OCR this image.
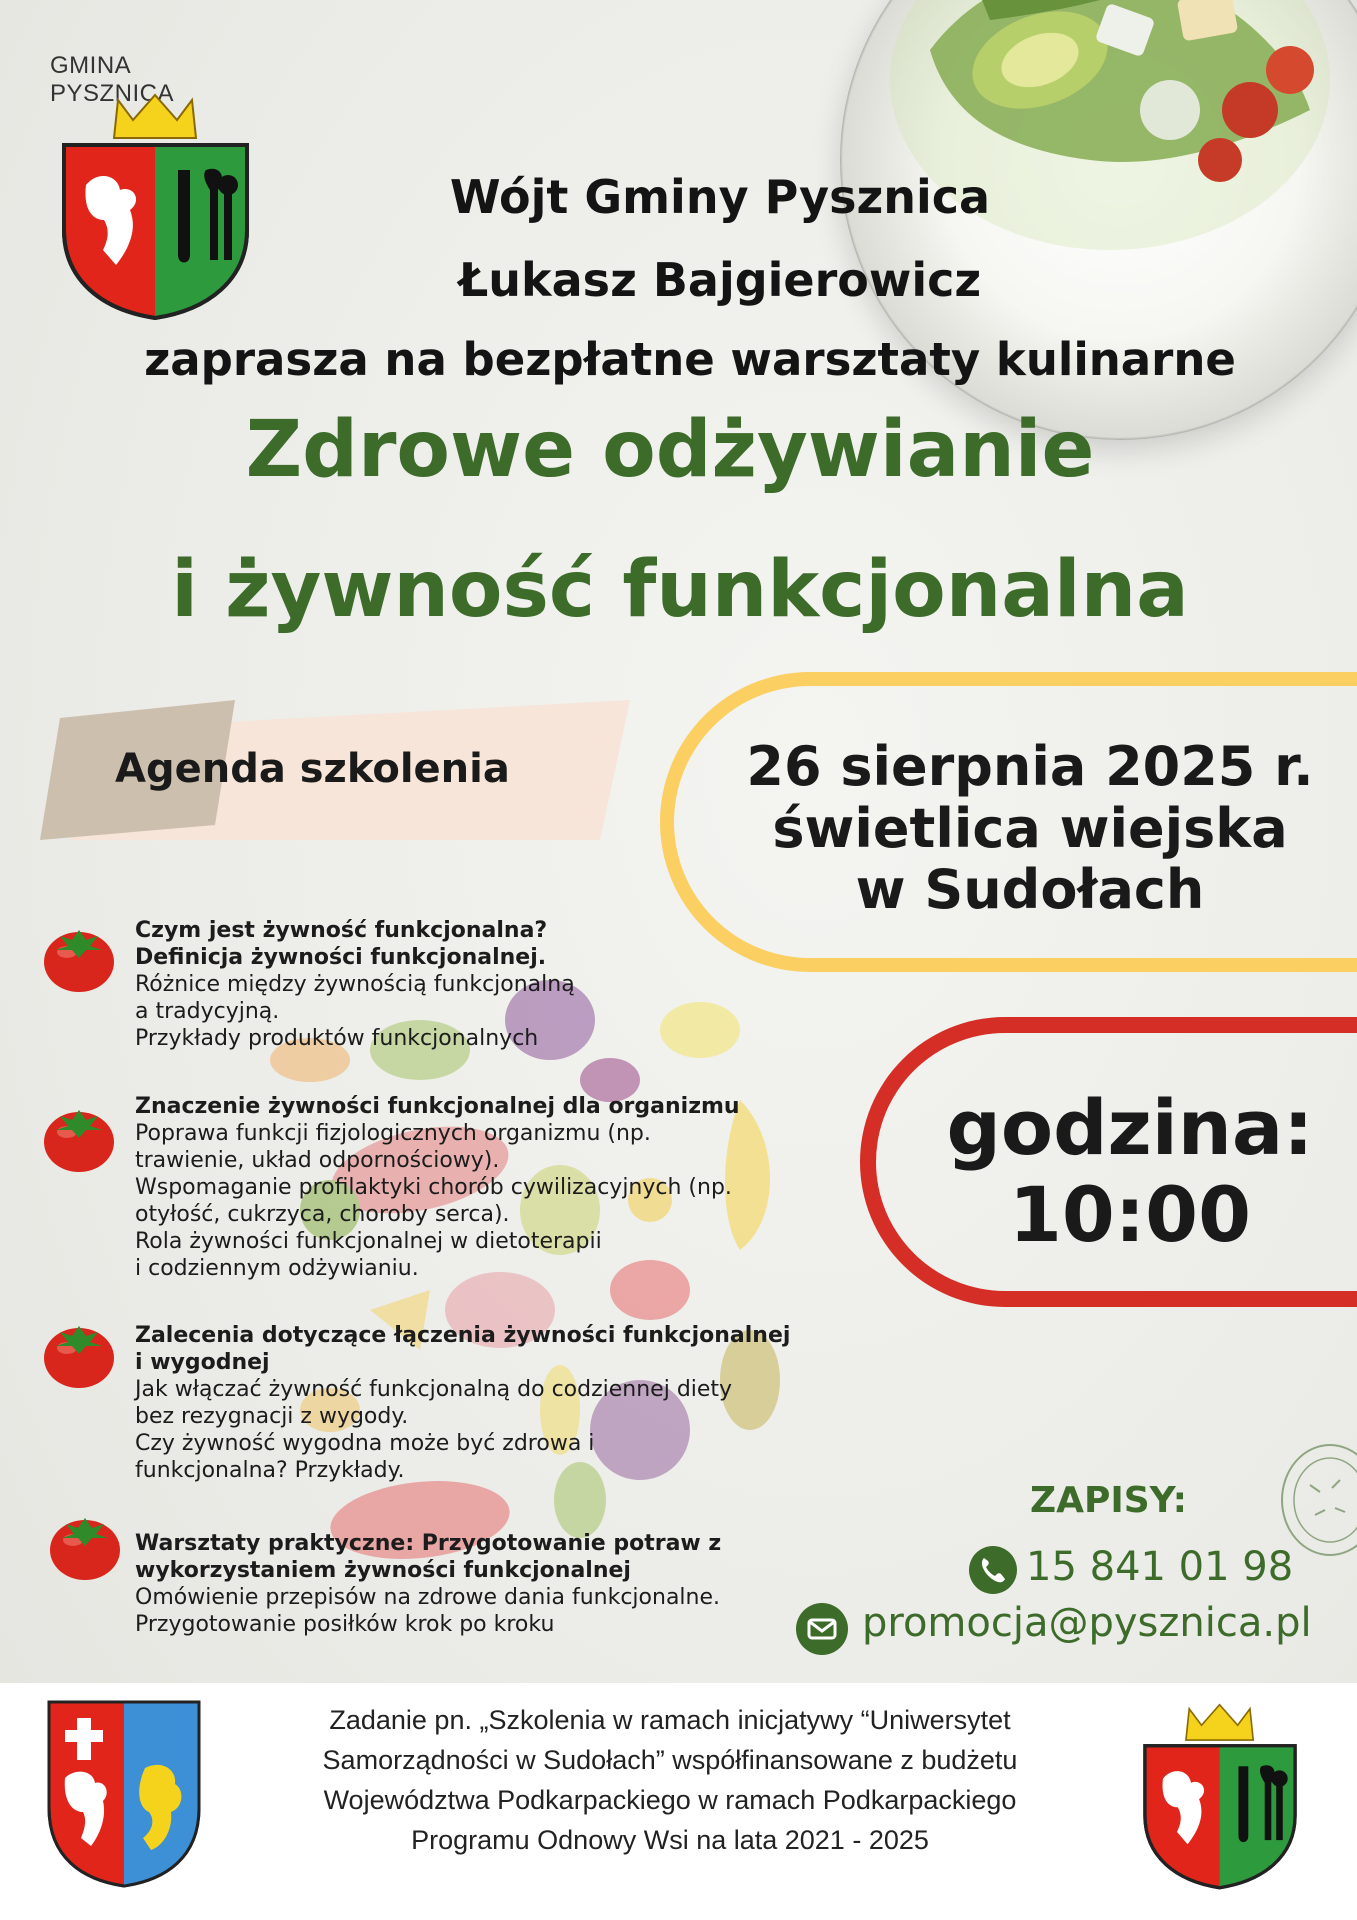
GMINA PYSZNICA
Wójt Gminy Pysznica
Łukasz Bajgierowicz
zaprasza na bezpłatne warsztaty kulinarne
Zdrowe odżywianie
i żywność funkcjonalna
Agenda szkolenia	26 sierpnia 2025 r.
świetlica wiejska
w Sudołach
godzina:
10:00
Czym jest żywność funkcjonalna?
Definicja żywności funkcjonalnej.
Różnice między żywnością funkcjonalną
a tradycyjną.
Przykłady produktów funkcjonalnych
Znaczenie żywności funkcjonalnej dla organizmu
Poprawa funkcji fizjologicznych organizmu (np.
trawienie, układ odpornościowy).
Wspomaganie profilaktyki chorób cywilizacyjnych (np.
otyłość, cukrzyca, choroby serca).
Rola żywności funkcjonalnej w dietoterapii
i codziennym odżywianiu.
Zalecenia dotyczące łączenia żywności funkcjonalnej
i wygodnej
Jak włączać żywność funkcjonalną do codziennej diety
bez rezygnacji z wygody.
Czy żywność wygodna może być zdrowa i
funkcjonalna? Przykłady.
Warsztaty praktyczne: Przygotowanie potraw z
wykorzystaniem żywności funkcjonalnej
Omówienie przepisów na zdrowe dania funkcjonalne.
Przygotowanie posiłków krok po kroku
ZAPISY:
15 841 01 98
promocja@pysznica.pl
Zadanie pn. „Szkolenia w ramach inicjatywy “Uniwersytet
Samorządności w Sudołach” współfinansowane z budżetu
Województwa Podkarpackiego w ramach Podkarpackiego
Programu Odnowy Wsi na lata 2021 - 2025
